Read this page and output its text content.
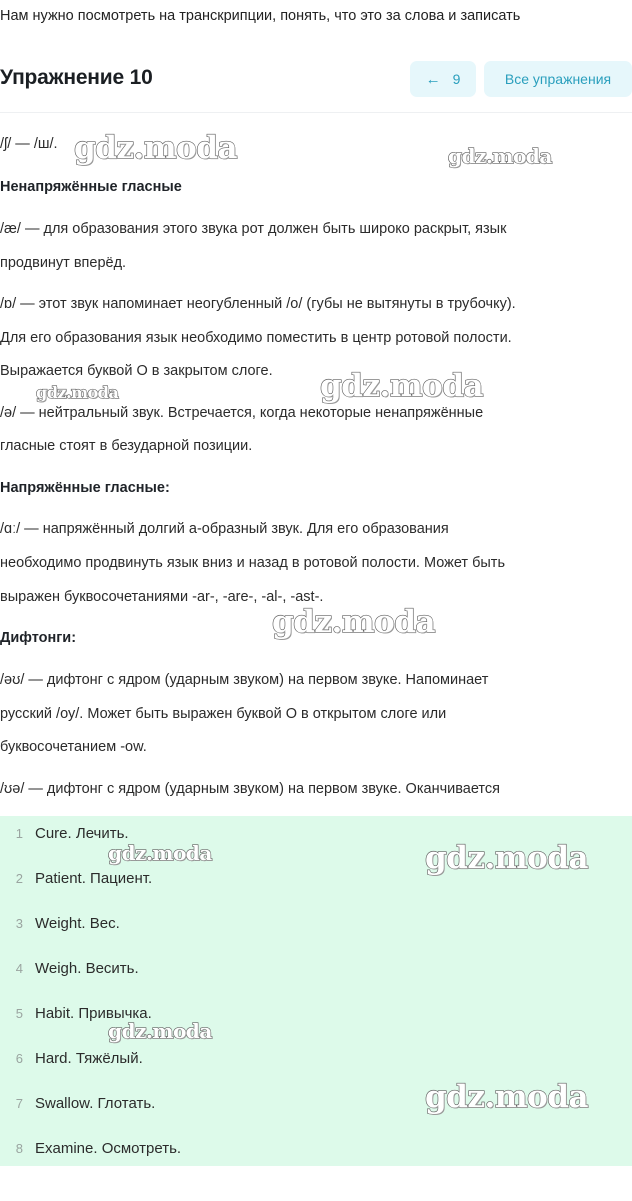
Нам нужно посмотреть на транскрипции, понять, что это за слова и записать
Упражнение 10	← 9	Все упражнения
/ʃ/ — /ш/.
Ненапряжённые гласные
/æ/ — для образования этого звука рот должен быть широко раскрыт, язык
продвинут вперёд.
/ɒ/ — этот звук напоминает неогубленный /о/ (губы не вытянуты в трубочку).
Для его образования язык необходимо поместить в центр ротовой полости.
Выражается буквой O в закрытом слоге.
/ə/ — нейтральный звук. Встречается, когда некоторые ненапряжённые
гласные стоят в безударной позиции.
Напряжённые гласные:
/ɑː/ — напряжённый долгий а-образный звук. Для его образования
необходимо продвинуть язык вниз и назад в ротовой полости. Может быть
выражен буквосочетаниями -ar-, -are-, -al-, -ast-.
Дифтонги:
/əʊ/ — дифтонг с ядром (ударным звуком) на первом звуке. Напоминает
русский /оу/. Может быть выражен буквой O в открытом слоге или
буквосочетанием -ow.
/ʊə/ — дифтонг с ядром (ударным звуком) на первом звуке. Оканчивается
1 Cure. Лечить.
2 Patient. Пациент.
3 Weight. Вес.
4 Weigh. Весить.
5 Habit. Привычка.
6 Hard. Тяжёлый.
7 Swallow. Глотать.
8 Examine. Осмотреть.
gdz.moda	gdz.moda
gdz.moda	gdz.moda
gdz.moda
gdz.moda	gdz.moda
gdz.moda
gdz.moda
